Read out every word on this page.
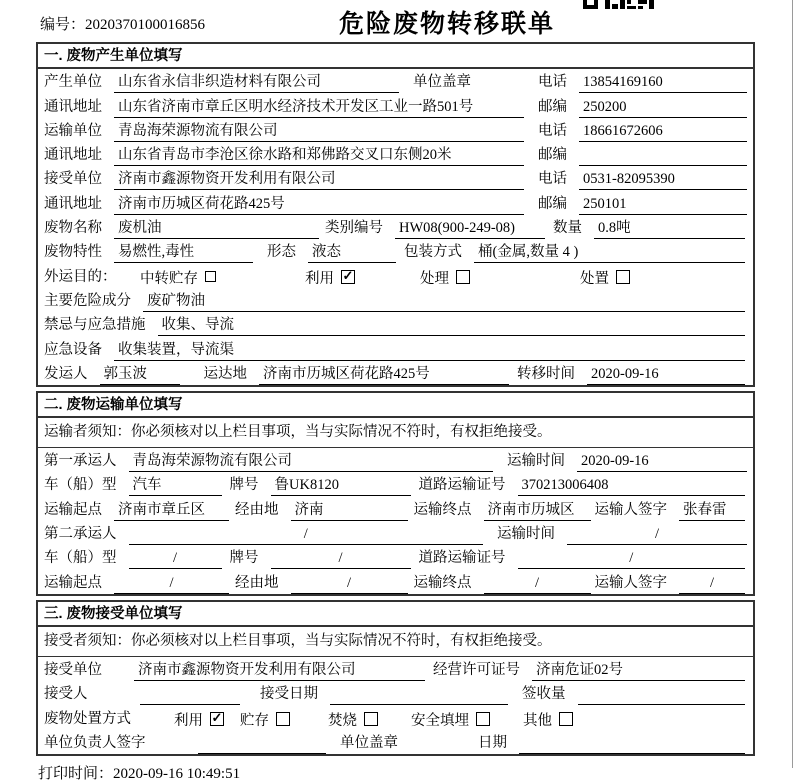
编号：2020370100016856	危险废物转移联单
一. 废物产生单位填写
产生单位 山东省永信非织造材料有限公司	单位盖章	电话 13854169160
通讯地址 山东省济南市章丘区明水经济技术开发区工业一路501号	邮编 250200
运输单位 青岛海荣源物流有限公司	电话 18661672606
通讯地址 山东省青岛市李沧区徐水路和郑佛路交叉口东侧20米	邮编
接受单位 济南市鑫源物资开发利用有限公司	电话 0531-82095390
通讯地址 济南市历城区荷花路425号	邮编 250101
废物名称 废机油	类别编号 HW08(900-249-08)	数量 0.8吨
废物特性 易燃性,毒性	形态 液态	包装方式 桶(金属,数量 4 )
外运目的：	中转贮存	利用 ✓	处理	处置
主要危险成分 废矿物油
禁忌与应急措施 收集、导流
应急设备 收集装置，导流渠
发运人 郭玉波	运达地 济南市历城区荷花路425号	转移时间 2020-09-16
二. 废物运输单位填写
运输者须知：你必须核对以上栏目事项，当与实际情况不符时，有权拒绝接受。
第一承运人 青岛海荣源物流有限公司	运输时间 2020-09-16
车（船）型 汽车	牌号 鲁UK8120	道路运输证号 370213006408
运输起点 济南市章丘区	经由地 济南	运输终点 济南市历城区	运输人签字 张春雷
第二承运人	/	运输时间	/
车（船）型	/	牌号	/	道路运输证号	/
运输起点	/	经由地	/	运输终点	/	运输人签字	/
三. 废物接受单位填写
接受者须知：你必须核对以上栏目事项，当与实际情况不符时，有权拒绝接受。
接受单位	济南市鑫源物资开发利用有限公司	经营许可证号 济南危证02号
接受人	接受日期	签收量
废物处置方式	利用 ✓	贮存	焚烧	安全填埋	其他
单位负责人签字	单位盖章	日期
打印时间：2020-09-16 10:49:51
